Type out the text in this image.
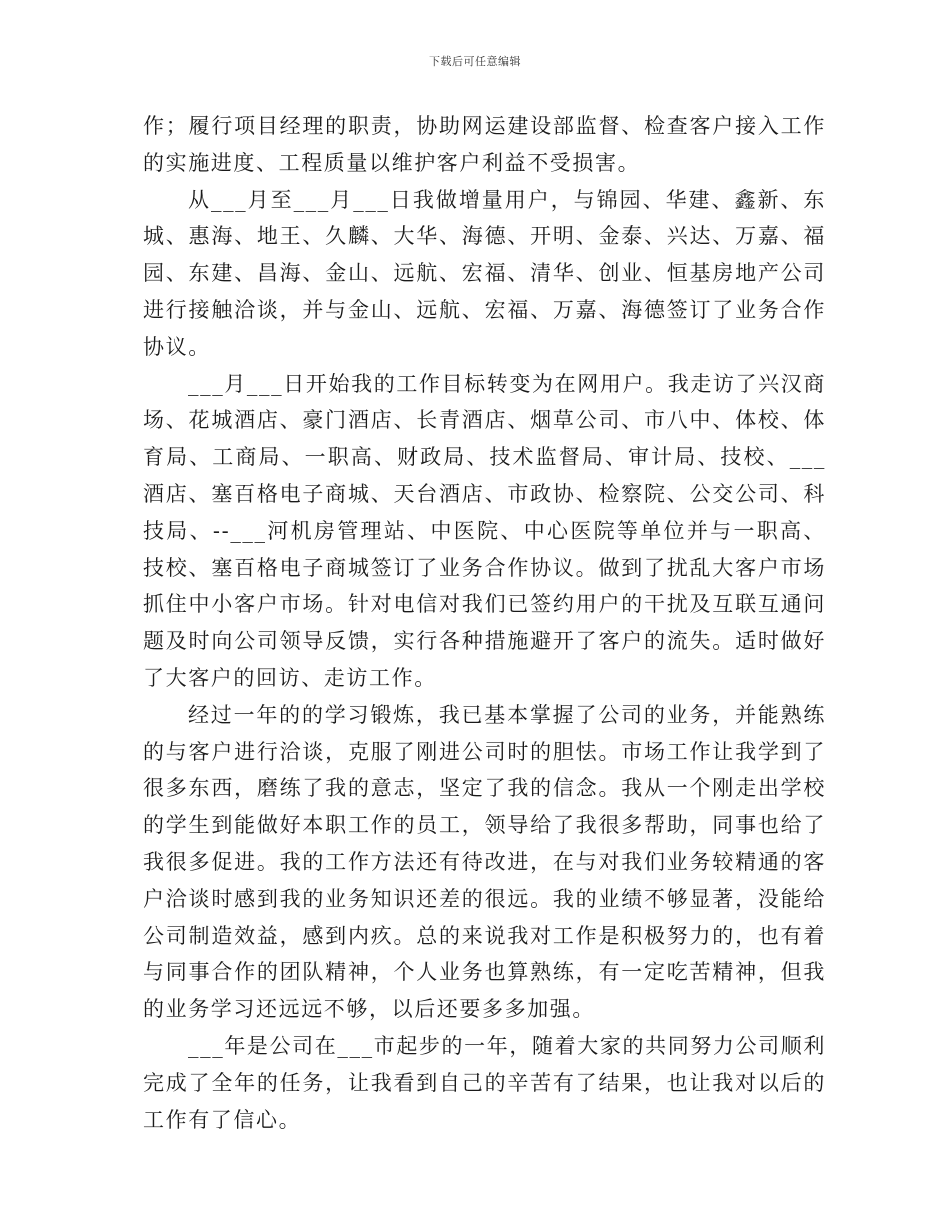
下载后可任意编辑

作；履行项目经理的职责，协助网运建设部监督、检查客户接入工作的实施进度、工程质量以维护客户利益不受损害。

从___月至___月___日我做增量用户，与锦园、华建、鑫新、东城、惠海、地王、久麟、大华、海德、开明、金泰、兴达、万嘉、福园、东建、昌海、金山、远航、宏福、清华、创业、恒基房地产公司进行接触洽谈，并与金山、远航、宏福、万嘉、海德签订了业务合作协议。

___月___日开始我的工作目标转变为在网用户。我走访了兴汉商场、花城酒店、豪门酒店、长青酒店、烟草公司、市八中、体校、体育局、工商局、一职高、财政局、技术监督局、审计局、技校、___酒店、塞百格电子商城、天台酒店、市政协、检察院、公交公司、科技局、--___河机房管理站、中医院、中心医院等单位并与一职高、技校、塞百格电子商城签订了业务合作协议。做到了扰乱大客户市场抓住中小客户市场。针对电信对我们已签约用户的干扰及互联互通问题及时向公司领导反馈，实行各种措施避开了客户的流失。适时做好了大客户的回访、走访工作。

经过一年的的学习锻炼，我已基本掌握了公司的业务，并能熟练的与客户进行洽谈，克服了刚进公司时的胆怯。市场工作让我学到了很多东西，磨练了我的意志，坚定了我的信念。我从一个刚走出学校的学生到能做好本职工作的员工，领导给了我很多帮助，同事也给了我很多促进。我的工作方法还有待改进，在与对我们业务较精通的客户洽谈时感到我的业务知识还差的很远。我的业绩不够显著，没能给公司制造效益，感到内疚。总的来说我对工作是积极努力的，也有着与同事合作的团队精神，个人业务也算熟练，有一定吃苦精神，但我的业务学习还远远不够，以后还要多多加强。

___年是公司在___市起步的一年，随着大家的共同努力公司顺利完成了全年的任务，让我看到自己的辛苦有了结果，也让我对以后的工作有了信心。
